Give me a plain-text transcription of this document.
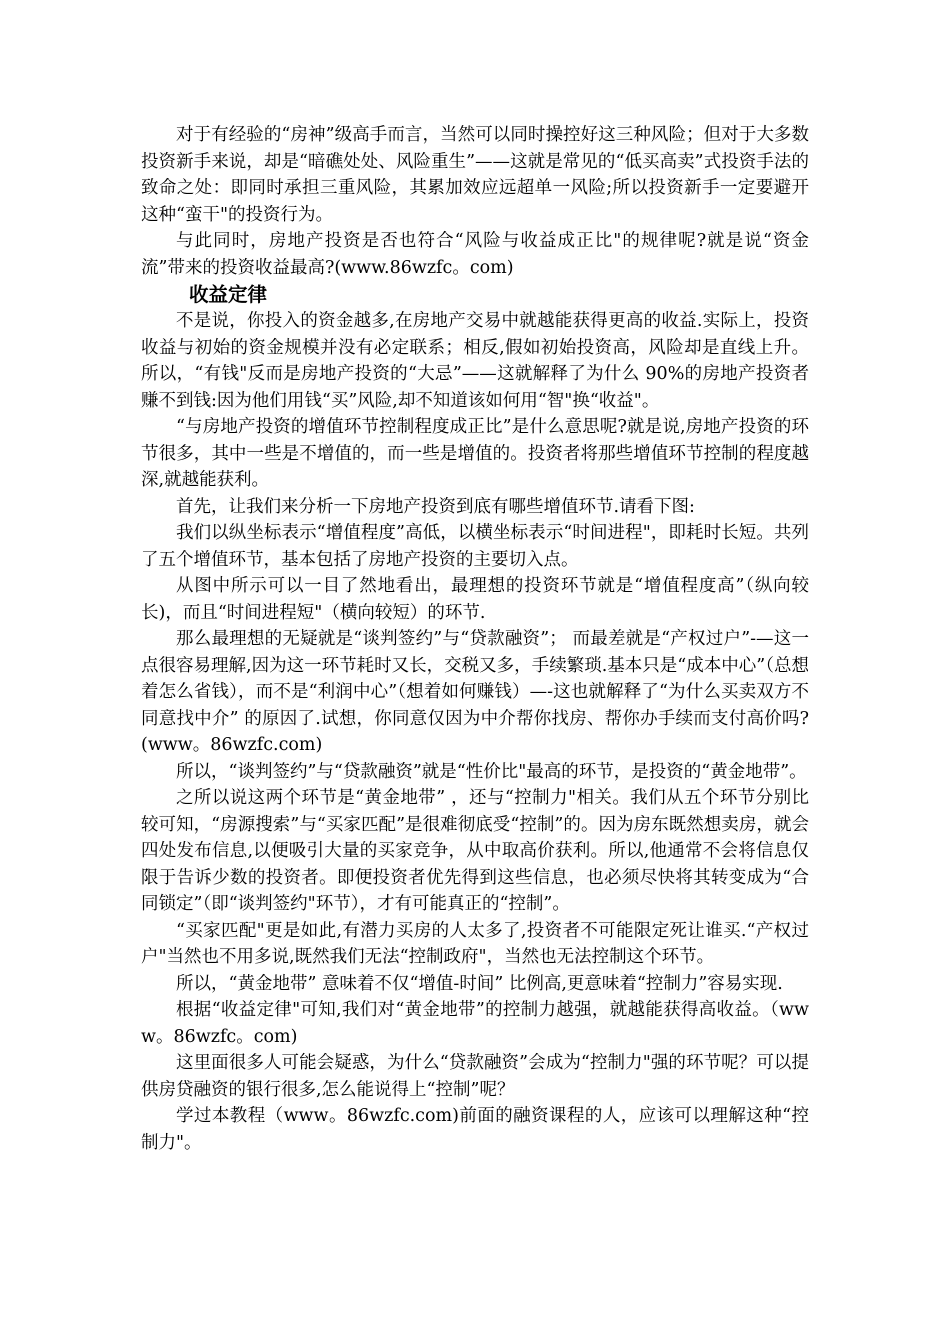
对于有经验的“房神”级高手而言，当然可以同时操控好这三种风险；但对于大多数投资新手来说，却是“暗礁处处、风险重生”——这就是常见的“低买高卖”式投资手法的致命之处：即同时承担三重风险，其累加效应远超单一风险;所以投资新手一定要避开这种“蛮干"的投资行为。

与此同时，房地产投资是否也符合“风险与收益成正比"的规律呢?就是说“资金流”带来的投资收益最高?(www.86wzfc。com)

收益定律

不是说，你投入的资金越多,在房地产交易中就越能获得更高的收益.实际上，投资收益与初始的资金规模并没有必定联系；相反,假如初始投资高，风险却是直线上升。所以，“有钱"反而是房地产投资的“大忌”——这就解释了为什么 90%的房地产投资者赚不到钱:因为他们用钱“买”风险,却不知道该如何用“智"换“收益"。

“与房地产投资的增值环节控制程度成正比”是什么意思呢?就是说,房地产投资的环节很多，其中一些是不增值的，而一些是增值的。投资者将那些增值环节控制的程度越深,就越能获利。

首先，让我们来分析一下房地产投资到底有哪些增值环节.请看下图:

我们以纵坐标表示“增值程度”高低，以横坐标表示“时间进程"，即耗时长短。共列了五个增值环节，基本包括了房地产投资的主要切入点。

从图中所示可以一目了然地看出，最理想的投资环节就是“增值程度高”（纵向较长)，而且“时间进程短"（横向较短）的环节.

那么最理想的无疑就是“谈判签约”与“贷款融资”； 而最差就是“产权过户”-—这一点很容易理解,因为这一环节耗时又长，交税又多，手续繁琐.基本只是“成本中心”（总想着怎么省钱），而不是“利润中心”（想着如何赚钱）—-这也就解释了“为什么买卖双方不同意找中介” 的原因了.试想，你同意仅因为中介帮你找房、帮你办手续而支付高价吗?(www。86wzfc.com)

所以，“谈判签约”与“贷款融资”就是“性价比"最高的环节，是投资的“黄金地带”。

之所以说这两个环节是“黄金地带” ，还与“控制力"相关。我们从五个环节分别比较可知，“房源搜索”与“买家匹配”是很难彻底受“控制”的。因为房东既然想卖房，就会四处发布信息,以便吸引大量的买家竞争，从中取高价获利。所以,他通常不会将信息仅限于告诉少数的投资者。即便投资者优先得到这些信息，也必须尽快将其转变成为“合同锁定”（即“谈判签约"环节），才有可能真正的“控制”。

“买家匹配"更是如此,有潜力买房的人太多了,投资者不可能限定死让谁买.“产权过户"当然也不用多说,既然我们无法“控制政府"，当然也无法控制这个环节。

所以，“黄金地带” 意味着不仅“增值-时间” 比例高,更意味着“控制力”容易实现.

根据“收益定律"可知,我们对“黄金地带”的控制力越强，就越能获得高收益。（www。86wzfc。com)

这里面很多人可能会疑惑，为什么“贷款融资”会成为“控制力"强的环节呢？可以提供房贷融资的银行很多,怎么能说得上“控制”呢？

学过本教程（www。86wzfc.com)前面的融资课程的人，应该可以理解这种“控制力"。
